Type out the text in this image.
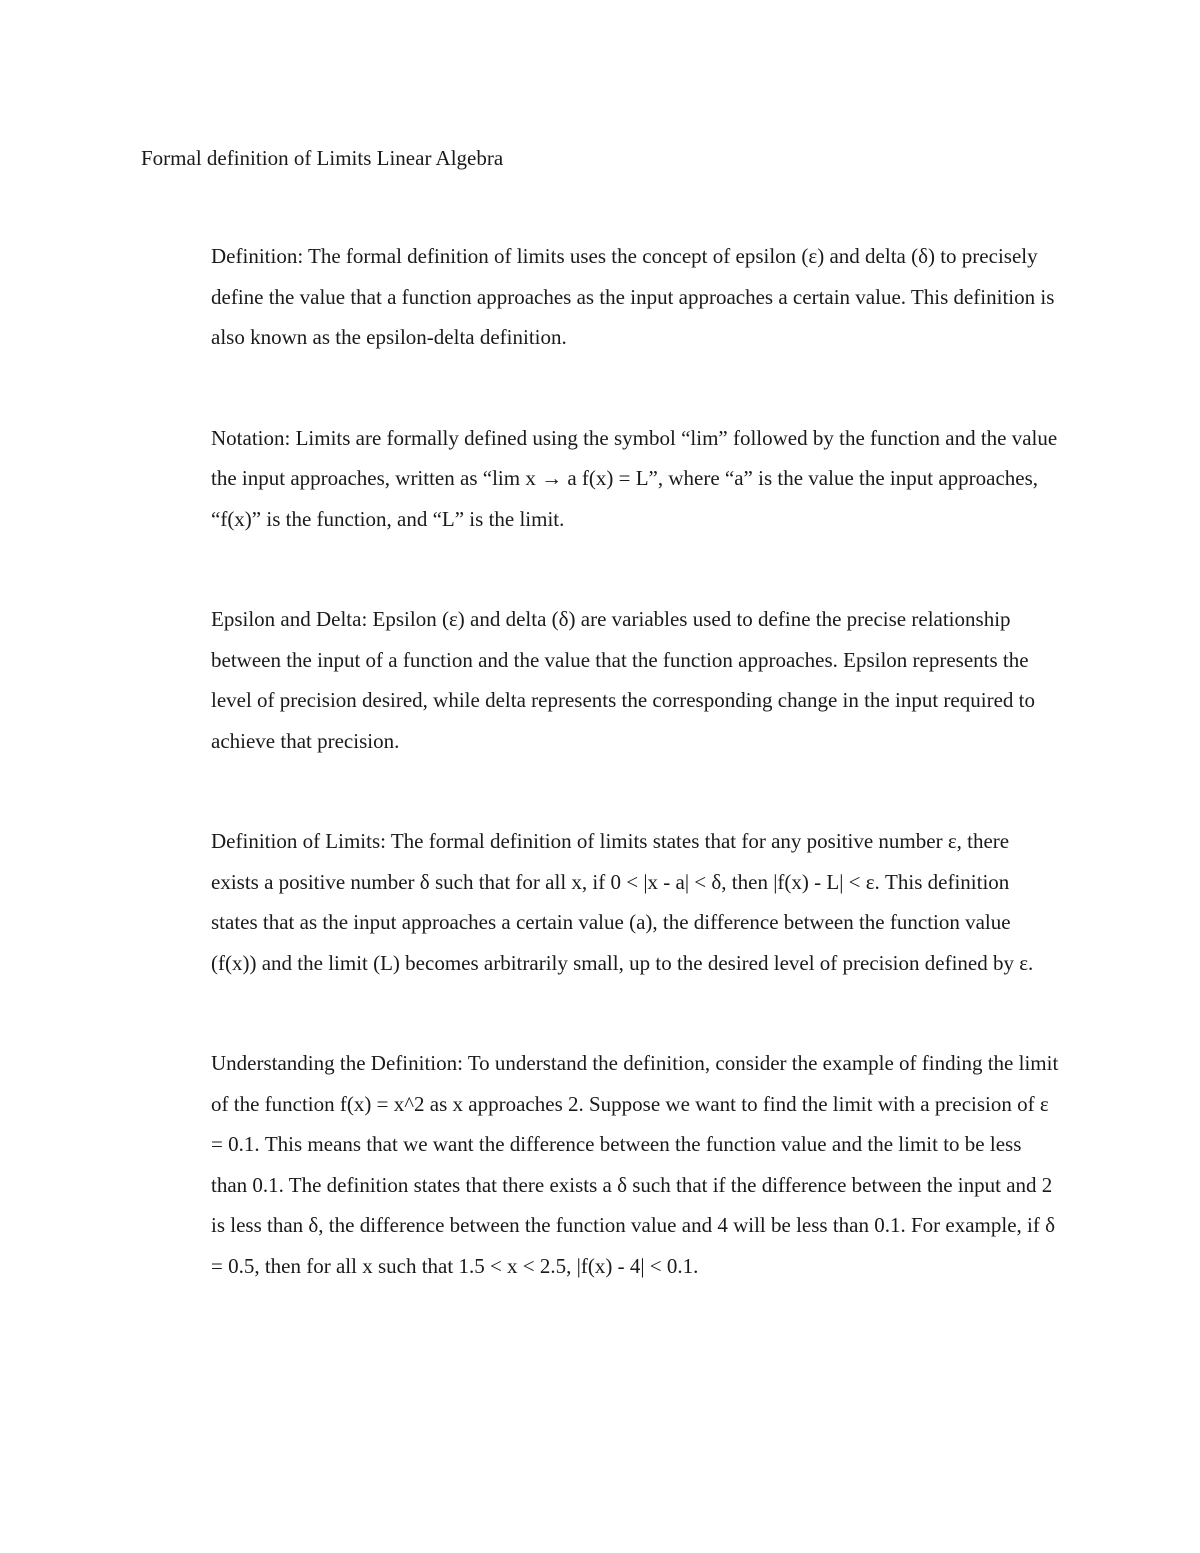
Formal definition of Limits Linear Algebra

Definition: The formal definition of limits uses the concept of epsilon (ε) and delta (δ) to precisely define the value that a function approaches as the input approaches a certain value. This definition is also known as the epsilon-delta definition.

Notation: Limits are formally defined using the symbol “lim” followed by the function and the value the input approaches, written as “lim x → a f(x) = L”, where “a” is the value the input approaches, “f(x)” is the function, and “L” is the limit.

Epsilon and Delta: Epsilon (ε) and delta (δ) are variables used to define the precise relationship between the input of a function and the value that the function approaches. Epsilon represents the level of precision desired, while delta represents the corresponding change in the input required to achieve that precision.

Definition of Limits: The formal definition of limits states that for any positive number ε, there exists a positive number δ such that for all x, if 0 < |x - a| < δ, then |f(x) - L| < ε. This definition states that as the input approaches a certain value (a), the difference between the function value (f(x)) and the limit (L) becomes arbitrarily small, up to the desired level of precision defined by ε.

Understanding the Definition: To understand the definition, consider the example of finding the limit of the function f(x) = x^2 as x approaches 2. Suppose we want to find the limit with a precision of ε = 0.1. This means that we want the difference between the function value and the limit to be less than 0.1. The definition states that there exists a δ such that if the difference between the input and 2 is less than δ, the difference between the function value and 4 will be less than 0.1. For example, if δ = 0.5, then for all x such that 1.5 < x < 2.5, |f(x) - 4| < 0.1.
